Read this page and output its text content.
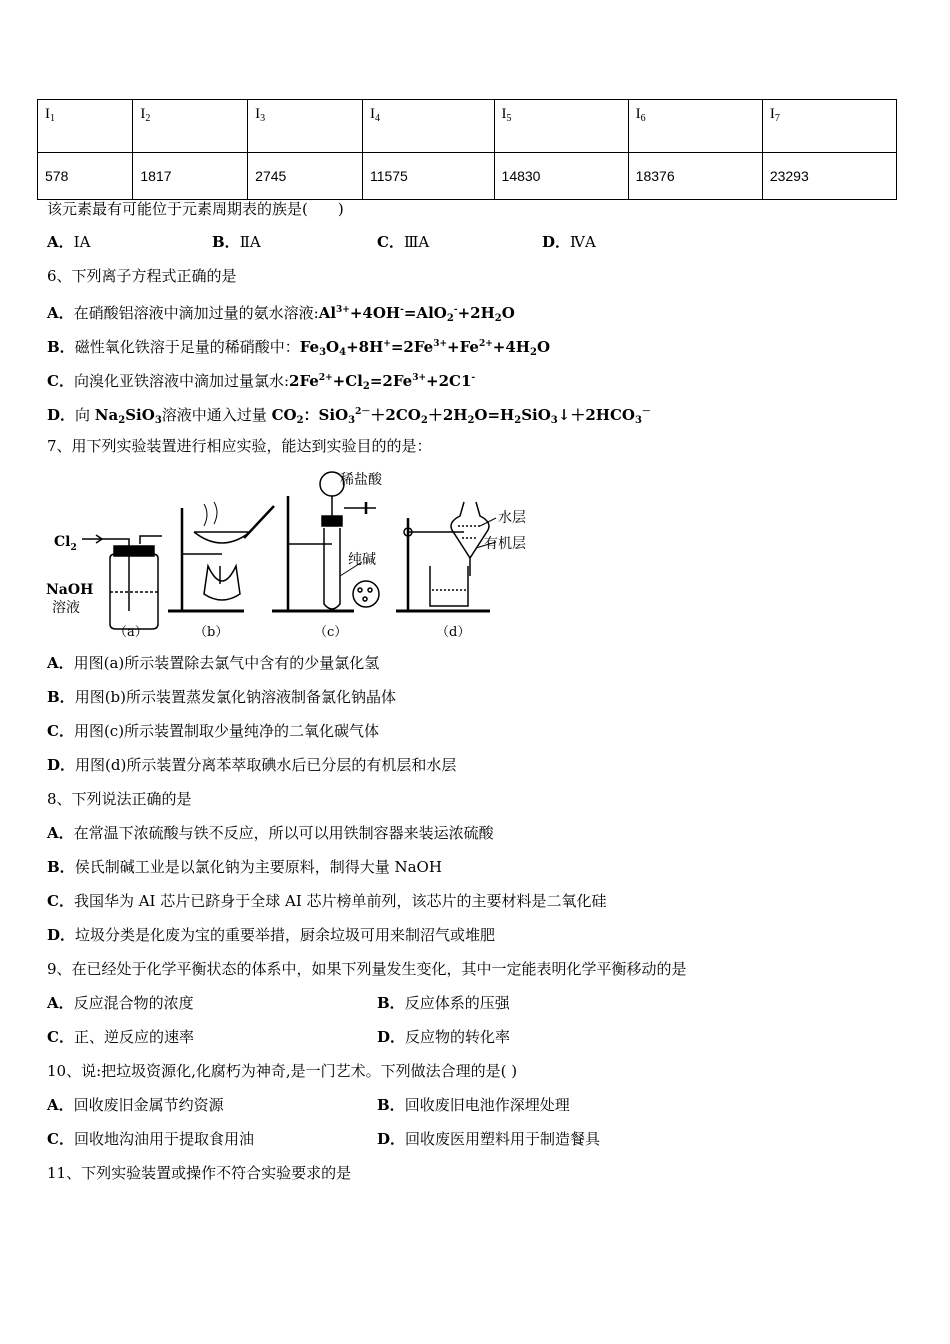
$I_1$	$I_2$	$I_3$	$I_4$	$I_5$	$I_6$	$I_7$
578	1817	2745	11575	14830	18376	23293
该元素最有可能位于元素周期表的族是(　　)
A．ⅠA	B．ⅡA	C．ⅢA	D．ⅣA
6、下列离子方程式正确的是
A．在硝酸铝溶液中滴加过量的氨水溶液$:Al^{3+}+4OH^-=AlO_2^-+2H_2O$
B．磁性氧化铁溶于足量的稀硝酸中：$Fe_3O_4+8H^+=2Fe^{3+}+Fe^{2+}+4H_2O$
C．向溴化亚铁溶液中滴加过量氯水$:2Fe^{2+}+Cl_2=2Fe^{3+}+2C1^-$
D．向 $Na_2SiO_3$溶液中通入过量 $CO_2$：$SiO_3^{2-}+2CO_2+2H_2O=H_2SiO_3↓+2HCO_3^-$
7、用下列实验装置进行相应实验，能达到实验目的的是：
$Cl_2$
NaOH
溶液
（a）	（b）
稀盐酸
纯碱
（c）
水层
有机层
（d）
A．用图(a)所示装置除去氯气中含有的少量氯化氢
B．用图(b)所示装置蒸发氯化钠溶液制备氯化钠晶体
C．用图(c)所示装置制取少量纯净的二氧化碳气体
D．用图(d)所示装置分离苯萃取碘水后已分层的有机层和水层
8、下列说法正确的是
A．在常温下浓硫酸与铁不反应，所以可以用铁制容器来装运浓硫酸
B．侯氏制碱工业是以氯化钠为主要原料，制得大量 NaOH
C．我国华为 AI 芯片已跻身于全球 AI 芯片榜单前列，该芯片的主要材料是二氧化硅
D．垃圾分类是化废为宝的重要举措，厨余垃圾可用来制沼气或堆肥
9、在已经处于化学平衡状态的体系中，如果下列量发生变化，其中一定能表明化学平衡移动的是
A．反应混合物的浓度	B．反应体系的压强
C．正、逆反应的速率	D．反应物的转化率
10、说:把垃圾资源化,化腐朽为神奇,是一门艺术。下列做法合理的是( )
A．回收废旧金属节约资源	B．回收废旧电池作深埋处理
C．回收地沟油用于提取食用油	D．回收废医用塑料用于制造餐具
11、下列实验装置或操作不符合实验要求的是
